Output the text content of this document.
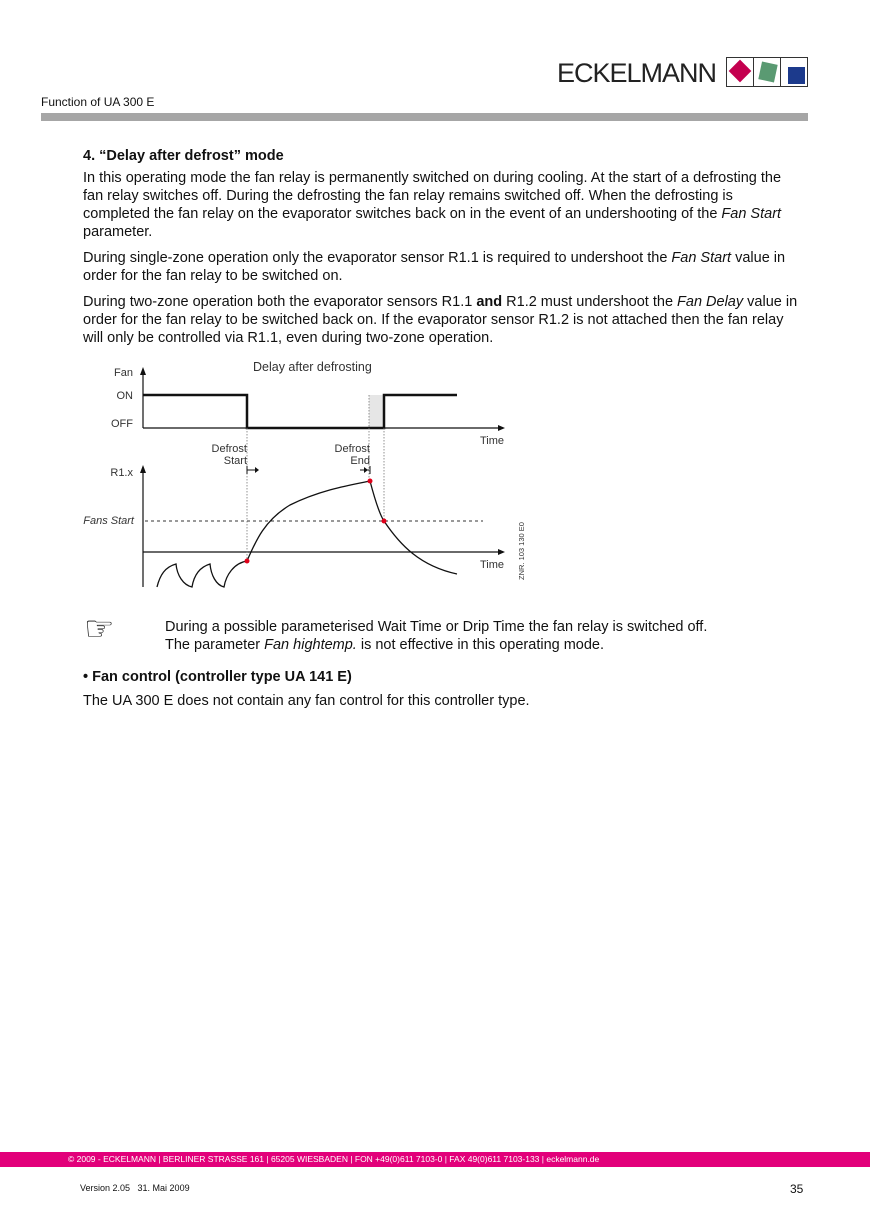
ECKELMANN
Function of UA 300 E
4. “Delay after defrost” mode

In this operating mode the fan relay is permanently switched on during cooling. At the start of a defrosting the fan relay switches off. During the defrosting the fan relay remains switched off. When the defrosting is completed the fan relay on the evaporator switches back on in the event of an undershooting of the Fan Start parameter.

During single-zone operation only the evaporator sensor R1.1 is required to undershoot the Fan Start value in order for the fan relay to be switched on.

During two-zone operation both the evaporator sensors R1.1 and R1.2 must undershoot the Fan Delay value in order for the fan relay to be switched back on. If the evaporator sensor R1.2 is not attached then the fan relay will only be controlled via R1.1, even during two-zone operation.

Delay after defrosting
Fan
ON
OFF
Time
Defrost
Start
Defrost
End
R1.x
Fans Start
Time ZNR. 103 130 E0
☞	During a possible parameterised Wait Time or Drip Time the fan relay is switched off.
The parameter Fan hightemp. is not effective in this operating mode.
• Fan control (controller type UA 141 E)

The UA 300 E does not contain any fan control for this controller type.

© 2009 - ECKELMANN | BERLINER STRASSE 161 | 65205 WIESBADEN | FON +49(0)611 7103-0 | FAX 49(0)611 7103-133 | eckelmann.de
Version 2.05   31. Mai 2009	35
